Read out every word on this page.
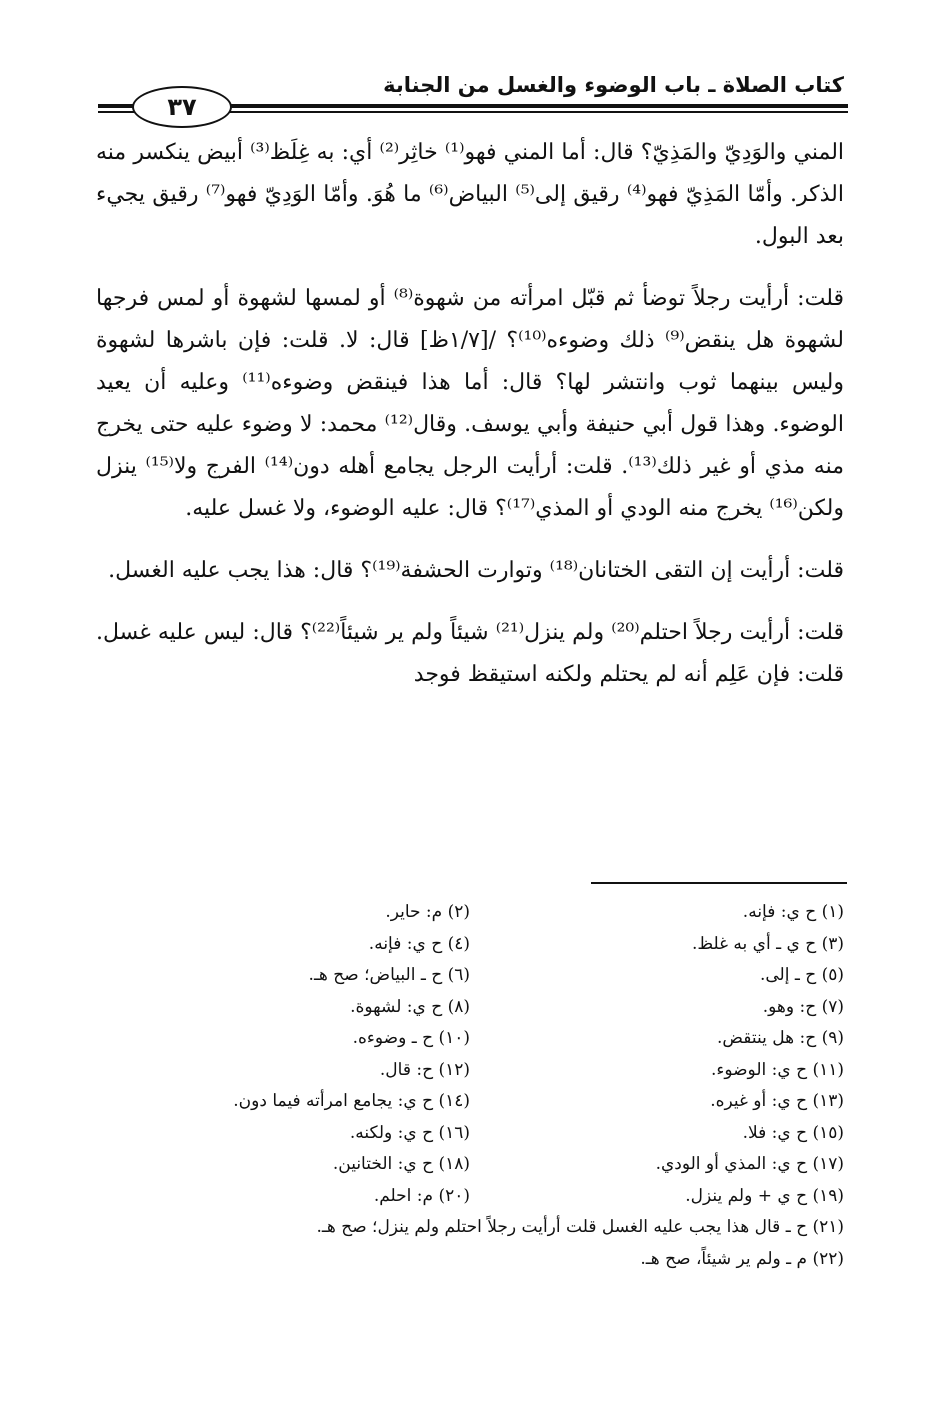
كتاب الصلاة ـ باب الوضوء والغسل من الجنابة
٣٧

المني والوَدِيّ والمَذِيّ؟ قال: أما المني فهو⁽¹⁾ خاثِر⁽²⁾ أي: به غِلَظ⁽³⁾ أبيض ينكسر منه الذكر. وأمّا المَذِيّ فهو⁽⁴⁾ رقيق إلى⁽⁵⁾ البياض⁽⁶⁾ ما هُوَ. وأمّا الوَدِيّ فهو⁽⁷⁾ رقيق يجيء بعد البول.

قلت: أرأيت رجلاً توضأ ثم قبّل امرأته من شهوة⁽⁸⁾ أو لمسها لشهوة أو لمس فرجها لشهوة هل ينقض⁽⁹⁾ ذلك وضوءه⁽¹⁰⁾؟ /[١/٧ظ] قال: لا. قلت: فإن باشرها لشهوة وليس بينهما ثوب وانتشر لها؟ قال: أما هذا فينقض وضوءه⁽¹¹⁾ وعليه أن يعيد الوضوء. وهذا قول أبي حنيفة وأبي يوسف. وقال⁽¹²⁾ محمد: لا وضوء عليه حتى يخرج منه مذي أو غير ذلك⁽¹³⁾. قلت: أرأيت الرجل يجامع أهله دون⁽¹⁴⁾ الفرج ولا⁽¹⁵⁾ ينزل ولكن⁽¹⁶⁾ يخرج منه الودي أو المذي⁽¹⁷⁾؟ قال: عليه الوضوء، ولا غسل عليه.

قلت: أرأيت إن التقى الختانان⁽¹⁸⁾ وتوارت الحشفة⁽¹⁹⁾؟ قال: هذا يجب عليه الغسل.

قلت: أرأيت رجلاً احتلم⁽²⁰⁾ ولم ينزل⁽²¹⁾ شيئاً ولم ير شيئاً⁽²²⁾؟ قال: ليس عليه غسل. قلت: فإن عَلِم أنه لم يحتلم ولكنه استيقظ فوجد

(١) ح ي: فإنه.
(٢) م: حاير.
(٣) ح ي ـ أي به غلظ.
(٤) ح ي: فإنه.
(٥) ح ـ إلى.
(٦) ح ـ البياض؛ صح هـ.
(٧) ح: وهو.
(٨) ح ي: لشهوة.
(٩) ح: هل ينتقض.
(١٠) ح ـ وضوءه.
(١١) ح ي: الوضوء.
(١٢) ح: قال.
(١٣) ح ي: أو غيره.
(١٤) ح ي: يجامع امرأته فيما دون.
(١٥) ح ي: فلا.
(١٦) ح ي: ولكنه.
(١٧) ح ي: المذي أو الودي.
(١٨) ح ي: الختانين.
(١٩) ح ي + ولم ينزل.
(٢٠) م: احلم.
(٢١) ح ـ قال هذا يجب عليه الغسل قلت أرأيت رجلاً احتلم ولم ينزل؛ صح هـ.
(٢٢) م ـ ولم ير شيئاً، صح هـ.
